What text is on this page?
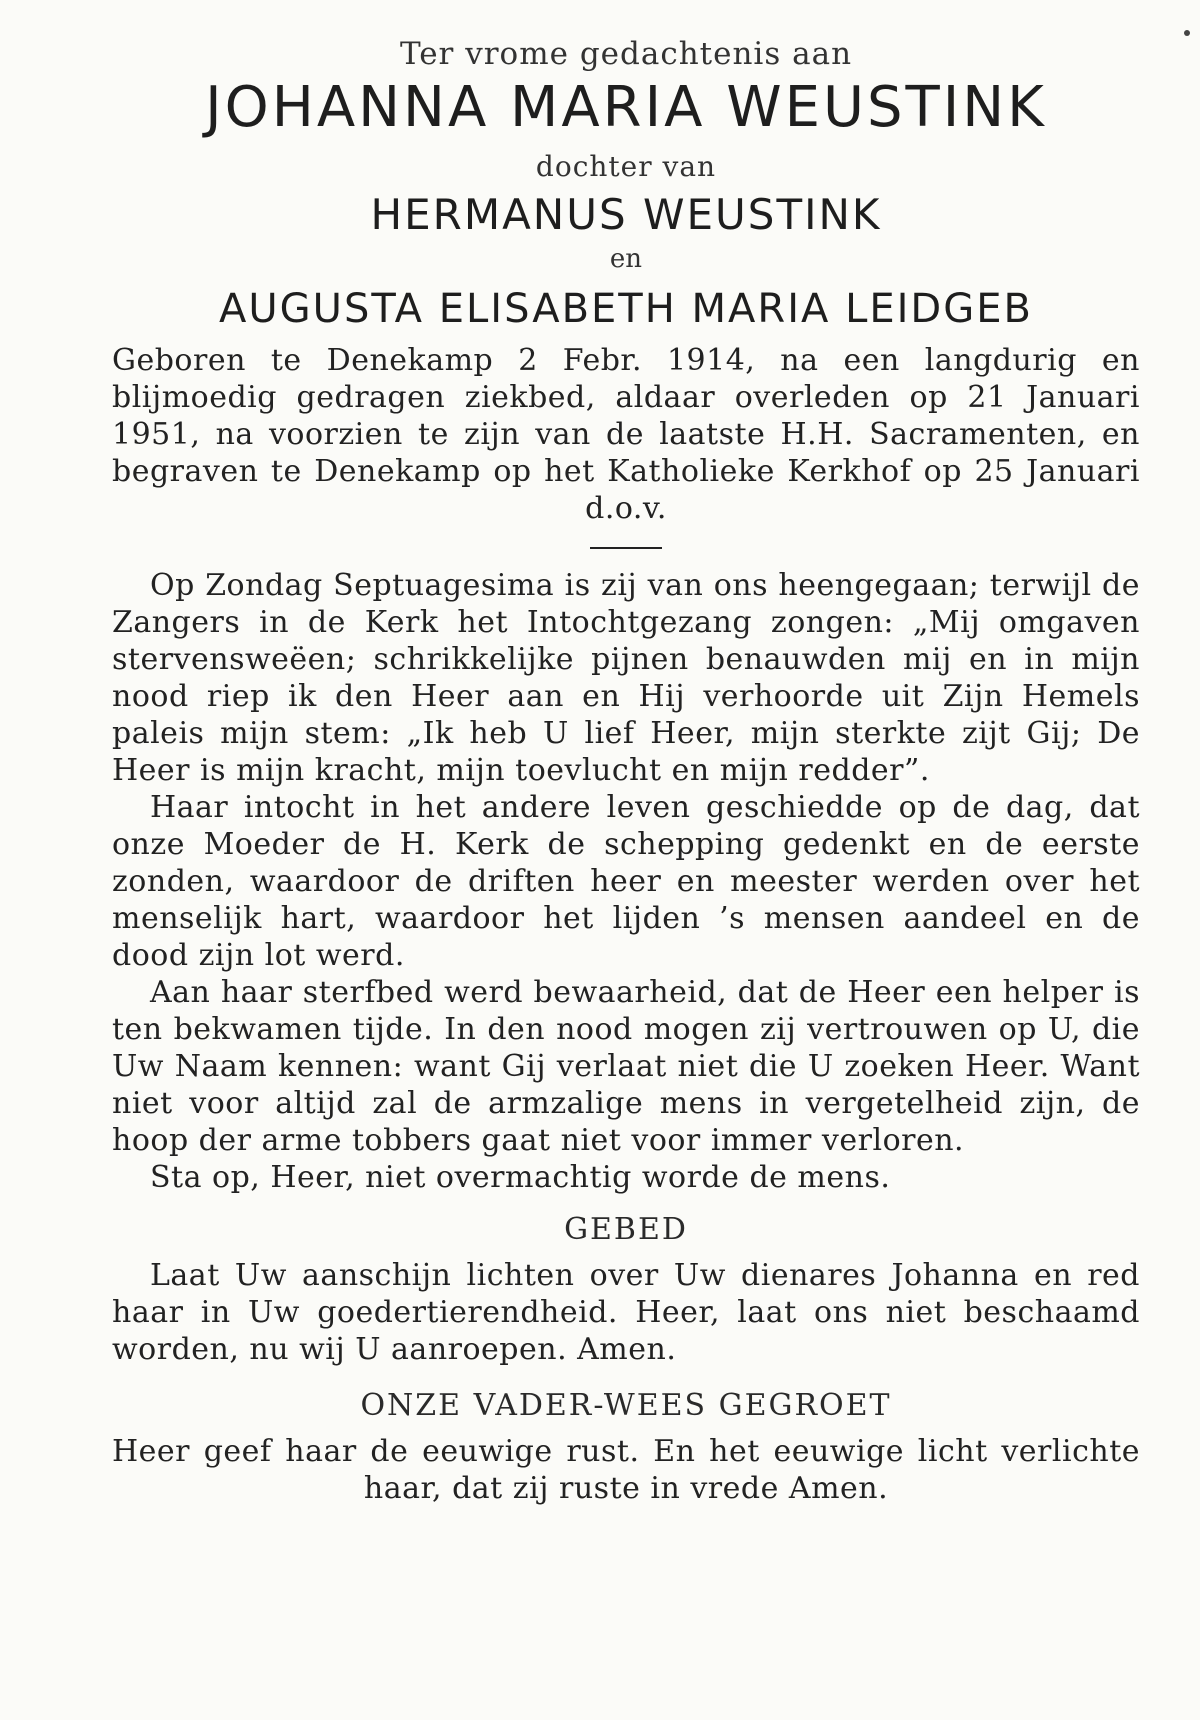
Ter vrome gedachtenis aan

JOHANNA MARIA WEUSTINK

dochter van

HERMANUS WEUSTINK

en

AUGUSTA ELISABETH MARIA LEIDGEB

Geboren te Denekamp 2 Febr. 1914, na een langdurig en blijmoedig gedragen ziekbed, aldaar overleden op 21 Januari 1951, na voorzien te zijn van de laatste H.H. Sacramenten, en begraven te Denekamp op het Katholieke Kerkhof op 25 Januari d.o.v.

Op Zondag Septuagesima is zij van ons heengegaan; terwijl de Zangers in de Kerk het Intochtgezang zongen: „Mij omgaven stervensweëen; schrikkelijke pijnen benauwden mij en in mijn nood riep ik den Heer aan en Hij verhoorde uit Zijn Hemels paleis mijn stem: „Ik heb U lief Heer, mijn sterkte zijt Gij; De Heer is mijn kracht, mijn toevlucht en mijn redder”.

Haar intocht in het andere leven geschiedde op de dag, dat onze Moeder de H. Kerk de schepping gedenkt en de eerste zonden, waardoor de driften heer en meester werden over het menselijk hart, waardoor het lijden ’s mensen aandeel en de dood zijn lot werd.

Aan haar sterfbed werd bewaarheid, dat de Heer een helper is ten bekwamen tijde. In den nood mogen zij vertrouwen op U, die Uw Naam kennen: want Gij verlaat niet die U zoeken Heer. Want niet voor altijd zal de armzalige mens in vergetelheid zijn, de hoop der arme tobbers gaat niet voor immer verloren.

Sta op, Heer, niet overmachtig worde de mens.

GEBED

Laat Uw aanschijn lichten over Uw dienares Johanna en red haar in Uw goedertierendheid. Heer, laat ons niet beschaamd worden, nu wij U aanroepen. Amen.

ONZE VADER-WEES GEGROET

Heer geef haar de eeuwige rust. En het eeuwige licht verlichte haar, dat zij ruste in vrede Amen.
